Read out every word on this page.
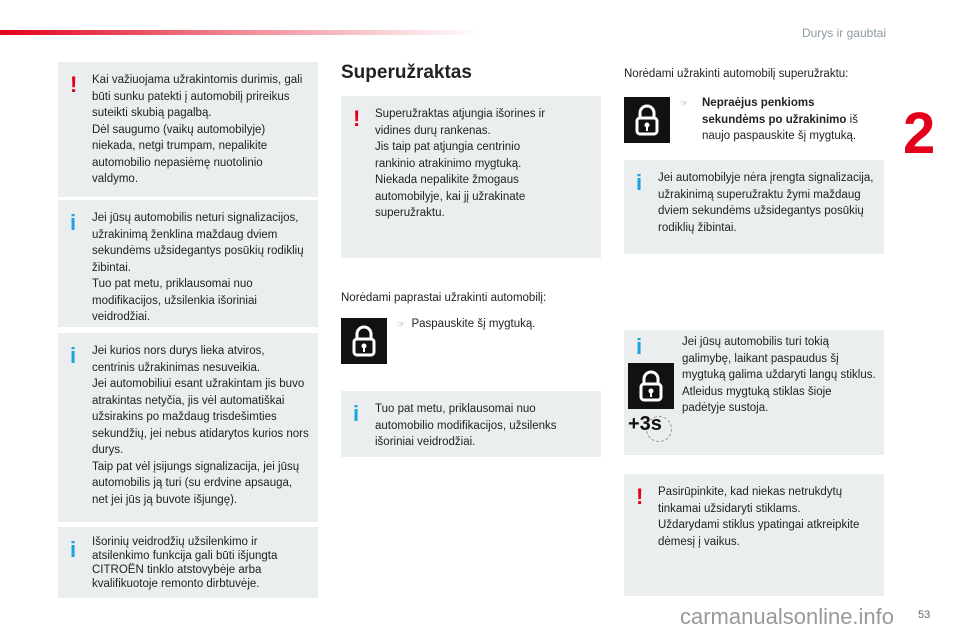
Durys ir gaubtai
2
! Kai važiuojama užrakintomis durimis, gali būti sunku patekti į automobilį prireikus suteikti skubią pagalbą.
Dėl saugumo (vaikų automobilyje) niekada, netgi trumpam, nepalikite automobilio nepasiėmę nuotolinio valdymo.
i Jei jūsų automobilis neturi signalizacijos, užrakinimą ženklina maždaug dviem sekundėms užsidegantys posūkių rodiklių žibintai.
Tuo pat metu, priklausomai nuo modifikacijos, užsilenkia išoriniai veidrodžiai.
i Jei kurios nors durys lieka atviros, centrinis užrakinimas nesuveikia.
Jei automobiliui esant užrakintam jis buvo atrakintas netyčia, jis vėl automatiškai užsirakins po maždaug trisdešimties sekundžių, jei nebus atidarytos kurios nors durys.
Taip pat vėl įsijungs signalizacija, jei jūsų automobilis ją turi (su erdvine apsauga, net jei jūs ją buvote išjungę).
i Išorinių veidrodžių užsilenkimo ir atsilenkimo funkcija gali būti išjungta CITROËN tinklo atstovybėje arba kvalifikuotoje remonto dirbtuvėje.
Superužraktas
! Superužraktas atjungia išorines ir vidines durų rankenas.
Jis taip pat atjungia centrinio rankinio atrakinimo mygtuką.
Niekada nepalikite žmogaus automobilyje, kai jį užrakinate superužraktu.
Norėdami paprastai užrakinti automobilį:
☞ Paspauskite šį mygtuką.
i Tuo pat metu, priklausomai nuo automobilio modifikacijos, užsilenks išoriniai veidrodžiai.
Norėdami užrakinti automobilį superužraktu:
☞ Nepraėjus penkioms sekundėms po užrakinimo iš naujo paspauskite šį mygtuką.
i Jei automobilyje nėra įrengta signalizacija, užrakinimą superužraktu žymi maždaug dviem sekundėms užsidegantys posūkių rodiklių žibintai.
i
+3s
Jei jūsų automobilis turi tokią galimybę, laikant paspaudus šį mygtuką galima uždaryti langų stiklus. Atleidus mygtuką stiklas šioje padėtyje sustoja.
! Pasirūpinkite, kad niekas netrukdytų tinkamai užsidaryti stiklams.
Uždarydami stiklus ypatingai atkreipkite dėmesį į vaikus.
carmanualsonline.info 53
